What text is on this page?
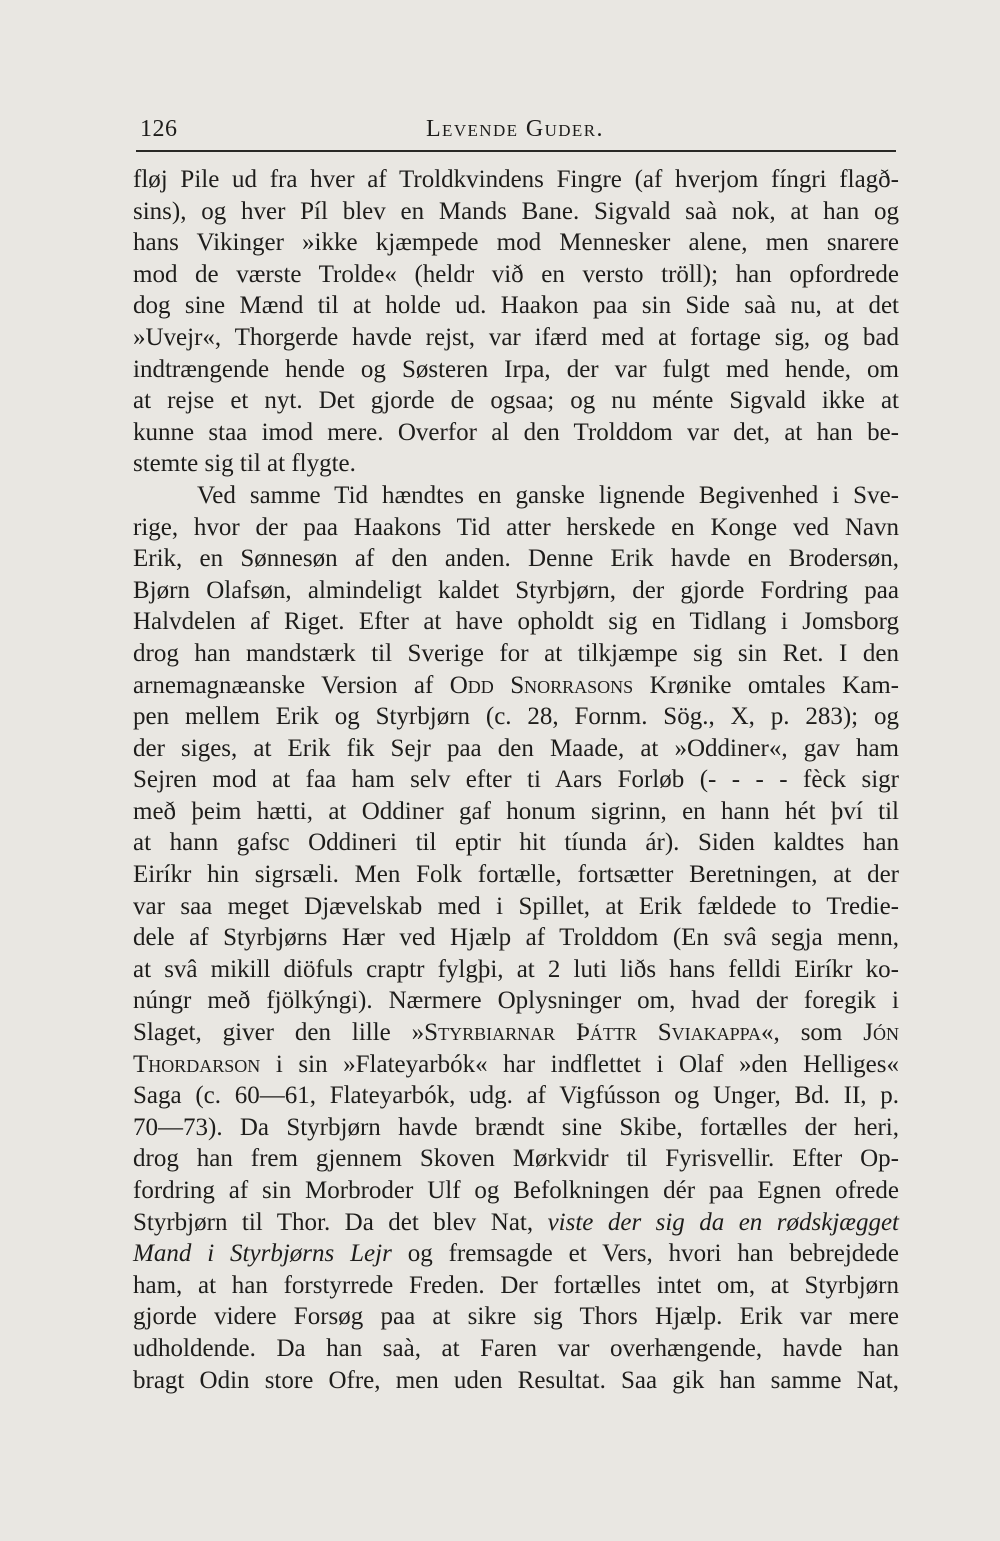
126	Levende Guder.
fløj Pile ud fra hver af Troldkvindens Fingre (af hverjom fíngri flagð-
sins), og hver Píl blev en Mands Bane. Sigvald saà nok, at han og
hans Vikinger »ikke kjæmpede mod Mennesker alene, men snarere
mod de værste Trolde« (heldr við en versto tröll); han opfordrede
dog sine Mænd til at holde ud. Haakon paa sin Side saà nu, at det
»Uvejr«, Thorgerde havde rejst, var ifærd med at fortage sig, og bad
indtrængende hende og Søsteren Irpa, der var fulgt med hende, om
at rejse et nyt. Det gjorde de ogsaa; og nu ménte Sigvald ikke at
kunne staa imod mere. Overfor al den Trolddom var det, at han be-
stemte sig til at flygte.
Ved samme Tid hændtes en ganske lignende Begivenhed i Sve-
rige, hvor der paa Haakons Tid atter herskede en Konge ved Navn
Erik, en Sønnesøn af den anden. Denne Erik havde en Brodersøn,
Bjørn Olafsøn, almindeligt kaldet Styrbjørn, der gjorde Fordring paa
Halvdelen af Riget. Efter at have opholdt sig en Tidlang i Jomsborg
drog han mandstærk til Sverige for at tilkjæmpe sig sin Ret. I den
arnemagnæanske Version af Odd Snorrasons Krønike omtales Kam-
pen mellem Erik og Styrbjørn (c. 28, Fornm. Sög., X, p. 283); og
der siges, at Erik fik Sejr paa den Maade, at »Oddiner«, gav ham
Sejren mod at faa ham selv efter ti Aars Forløb (- - - - fèck sigr
með þeim hætti, at Oddiner gaf honum sigrinn, en hann hét því til
at hann gafsc Oddineri til eptir hit tíunda ár). Siden kaldtes han
Eiríkr hin sigrsæli. Men Folk fortælle, fortsætter Beretningen, at der
var saa meget Djævelskab med i Spillet, at Erik fældede to Tredie-
dele af Styrbjørns Hær ved Hjælp af Trolddom (En svâ segja menn,
at svâ mikill diöfuls craptr fylgþi, at 2 luti liðs hans felldi Eiríkr ko-
núngr með fjölkýngi). Nærmere Oplysninger om, hvad der foregik i
Slaget, giver den lille »Styrbiarnar Þáttr Sviakappa«, som Jón
Thordarson i sin »Flateyarbók« har indflettet i Olaf »den Helliges«
Saga (c. 60—61, Flateyarbók, udg. af Vigfússon og Unger, Bd. II, p.
70—73). Da Styrbjørn havde brændt sine Skibe, fortælles der heri,
drog han frem gjennem Skoven Mørkvidr til Fyrisvellir. Efter Op-
fordring af sin Morbroder Ulf og Befolkningen dér paa Egnen ofrede
Styrbjørn til Thor. Da det blev Nat, viste der sig da en rødskjægget
Mand i Styrbjørns Lejr og fremsagde et Vers, hvori han bebrejdede
ham, at han forstyrrede Freden. Der fortælles intet om, at Styrbjørn
gjorde videre Forsøg paa at sikre sig Thors Hjælp. Erik var mere
udholdende. Da han saà, at Faren var overhængende, havde han
bragt Odin store Ofre, men uden Resultat. Saa gik han samme Nat,
